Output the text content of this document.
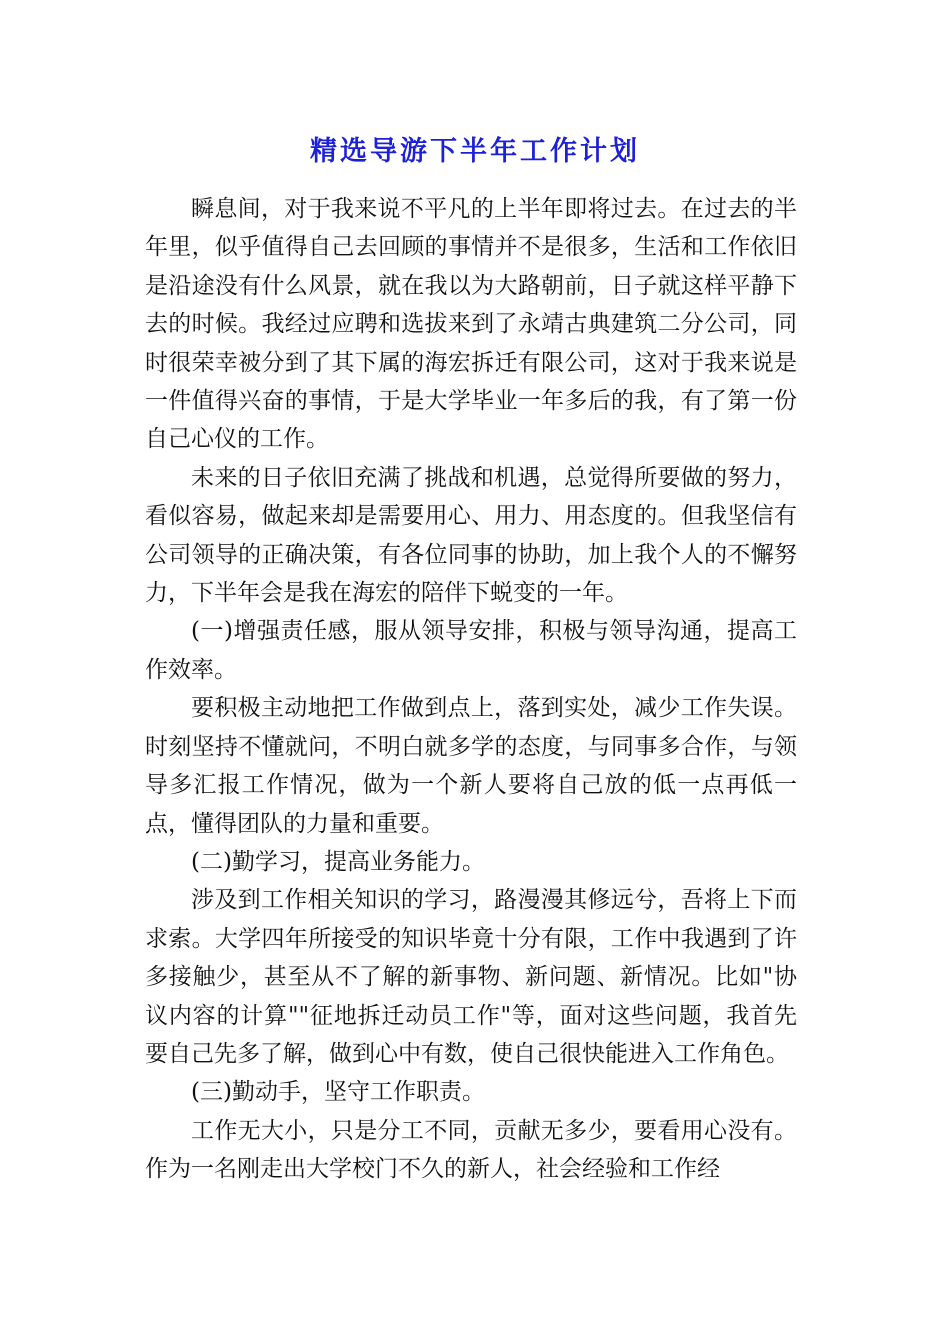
精选导游下半年工作计划

瞬息间，对于我来说不平凡的上半年即将过去。在过去的半年里，似乎值得自己去回顾的事情并不是很多，生活和工作依旧是沿途没有什么风景，就在我以为大路朝前，日子就这样平静下去的时候。我经过应聘和选拔来到了永靖古典建筑二分公司，同时很荣幸被分到了其下属的海宏拆迁有限公司，这对于我来说是一件值得兴奋的事情，于是大学毕业一年多后的我，有了第一份自己心仪的工作。

未来的日子依旧充满了挑战和机遇，总觉得所要做的努力，看似容易，做起来却是需要用心、用力、用态度的。但我坚信有公司领导的正确决策，有各位同事的协助，加上我个人的不懈努力，下半年会是我在海宏的陪伴下蜕变的一年。

(一)增强责任感，服从领导安排，积极与领导沟通，提高工作效率。

要积极主动地把工作做到点上，落到实处，减少工作失误。时刻坚持不懂就问，不明白就多学的态度，与同事多合作，与领导多汇报工作情况，做为一个新人要将自己放的低一点再低一点，懂得团队的力量和重要。

(二)勤学习，提高业务能力。

涉及到工作相关知识的学习，路漫漫其修远兮，吾将上下而求索。大学四年所接受的知识毕竟十分有限，工作中我遇到了许多接触少，甚至从不了解的新事物、新问题、新情况。比如"协议内容的计算""征地拆迁动员工作"等，面对这些问题，我首先要自己先多了解，做到心中有数，使自己很快能进入工作角色。

(三)勤动手，坚守工作职责。

工作无大小，只是分工不同，贡献无多少，要看用心没有。作为一名刚走出大学校门不久的新人，社会经验和工作经
